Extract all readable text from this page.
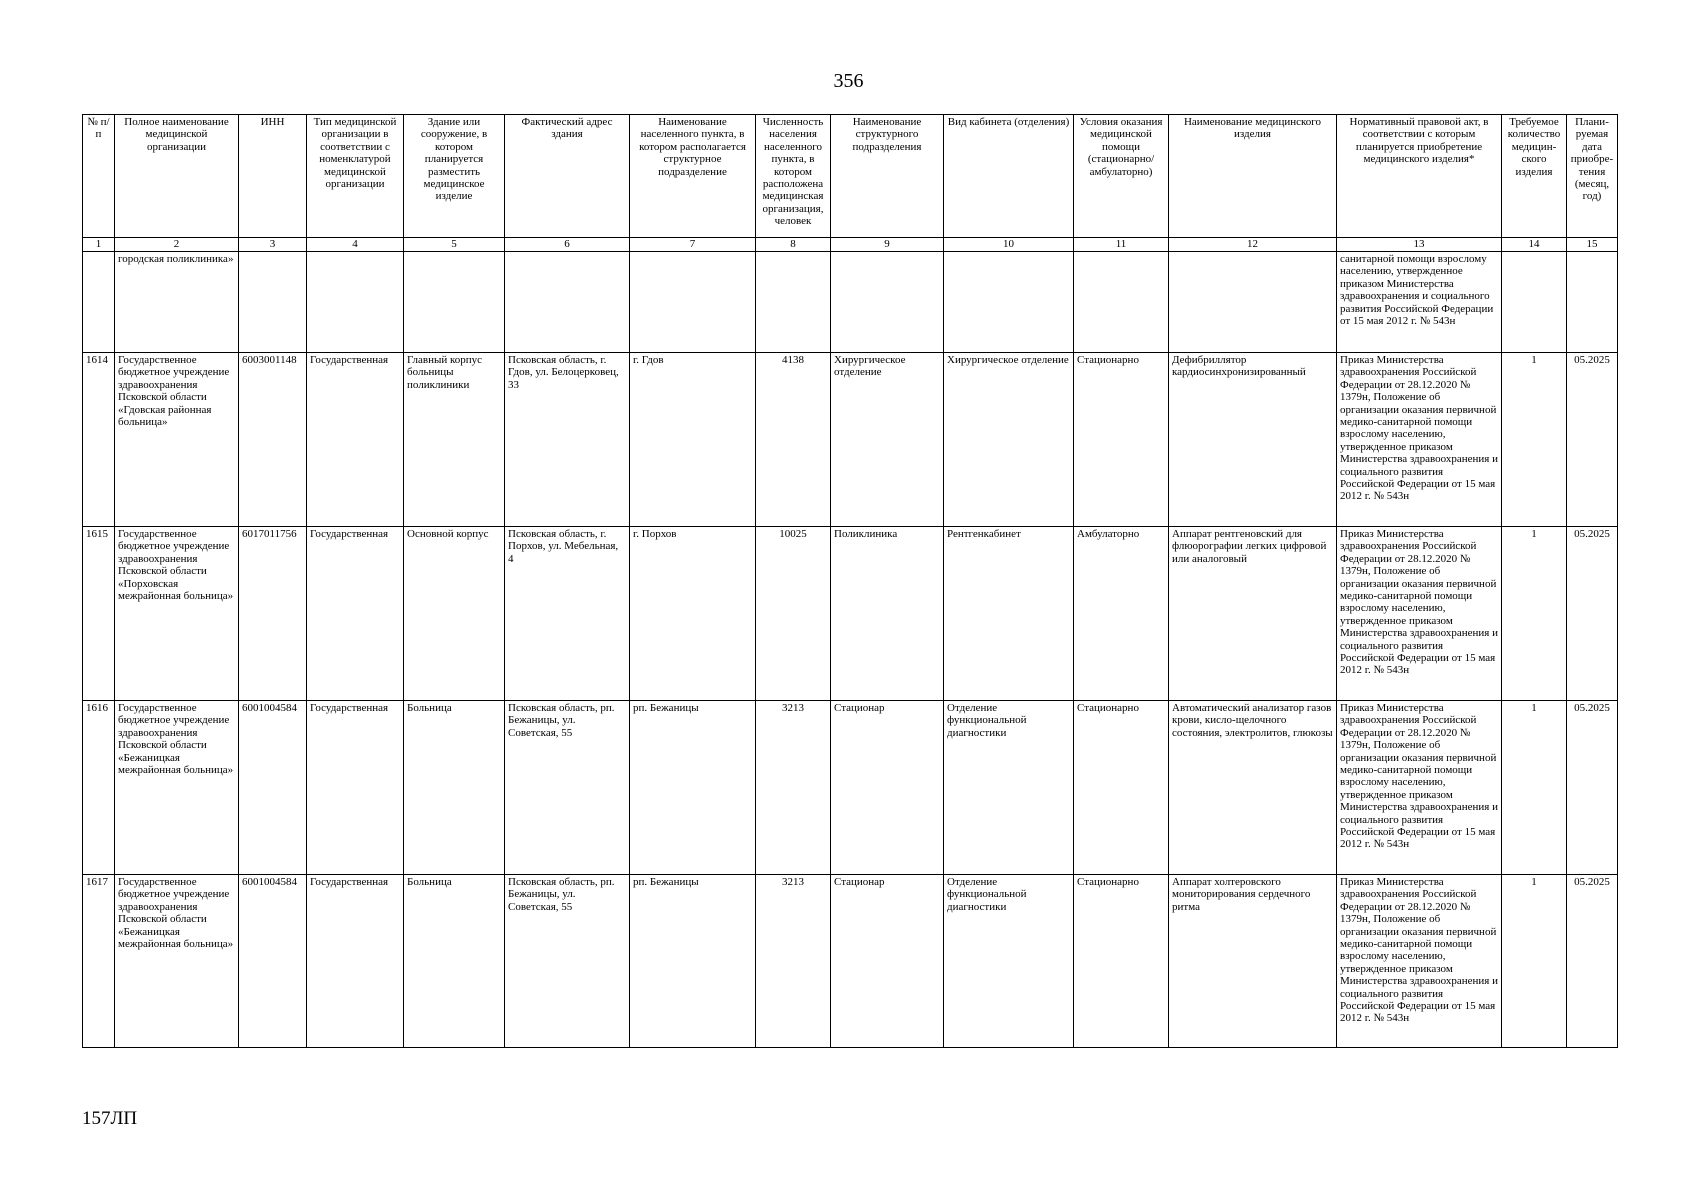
356
№ п/п	Полное наименование медицинской организации	ИНН	Тип медицинской организации в соответствии с номенклатурой медицинской организации	Здание или сооружение, в котором планируется разместить медицинское изделие	Фактический адрес здания	Наименование населенного пункта, в котором располагается структурное подразделение	Численность населения населенного пункта, в котором расположена медицинская организация, человек	Наименование структурного подразделения	Вид кабинета (отделения)	Условия оказания медицинской помощи (стационарно/ амбулаторно)	Наименование медицинского изделия	Нормативный правовой акт, в соответствии с которым планируется приобретение медицинского изделия*	Требуемое количество медицин-ского изделия	Плани-руемая дата приобре-тения (месяц, год)
1	2	3	4	5	6	7	8	9	10	11	12	13	14	15
	городская поликлиника»											санитарной помощи взрослому населению, утвержденное приказом Министерства здравоохранения и социального развития Российской Федерации от 15 мая 2012 г. № 543н		
1614	Государственное бюджетное учреждение здравоохранения Псковской области «Гдовская районная больница»	6003001148	Государственная	Главный корпус больницы поликлиники	Псковская область, г. Гдов, ул. Белоцерковец, 33	г. Гдов	4138	Хирургическое отделение	Хирургическое отделение	Стационарно	Дефибриллятор кардиосинхронизированный	Приказ Министерства здравоохранения Российской Федерации от 28.12.2020 № 1379н, Положение об организации оказания первичной медико-санитарной помощи взрослому населению, утвержденное приказом Министерства здравоохранения и социального развития Российской Федерации от 15 мая 2012 г. № 543н	1	05.2025
1615	Государственное бюджетное учреждение здравоохранения Псковской области «Порховская межрайонная больница»	6017011756	Государственная	Основной корпус	Псковская область, г. Порхов, ул. Мебельная, 4	г. Порхов	10025	Поликлиника	Рентгенкабинет	Амбулаторно	Аппарат рентгеновский для флюорографии легких цифровой или аналоговый	Приказ Министерства здравоохранения Российской Федерации от 28.12.2020 № 1379н, Положение об организации оказания первичной медико-санитарной помощи взрослому населению, утвержденное приказом Министерства здравоохранения и социального развития Российской Федерации от 15 мая 2012 г. № 543н	1	05.2025
1616	Государственное бюджетное учреждение здравоохранения Псковской области «Бежаницкая межрайонная больница»	6001004584	Государственная	Больница	Псковская область, рп. Бежаницы, ул. Советская, 55	рп. Бежаницы	3213	Стационар	Отделение функциональной диагностики	Стационарно	Автоматический анализатор газов крови, кисло-щелочного состояния, электролитов, глюкозы	Приказ Министерства здравоохранения Российской Федерации от 28.12.2020 № 1379н, Положение об организации оказания первичной медико-санитарной помощи взрослому населению, утвержденное приказом Министерства здравоохранения и социального развития Российской Федерации от 15 мая 2012 г. № 543н	1	05.2025
1617	Государственное бюджетное учреждение здравоохранения Псковской области «Бежаницкая межрайонная больница»	6001004584	Государственная	Больница	Псковская область, рп. Бежаницы, ул. Советская, 55	рп. Бежаницы	3213	Стационар	Отделение функциональной диагностики	Стационарно	Аппарат холтеровского мониторирования сердечного ритма	Приказ Министерства здравоохранения Российской Федерации от 28.12.2020 № 1379н, Положение об организации оказания первичной медико-санитарной помощи взрослому населению, утвержденное приказом Министерства здравоохранения и социального развития Российской Федерации от 15 мая 2012 г. № 543н	1	05.2025
157ЛП
